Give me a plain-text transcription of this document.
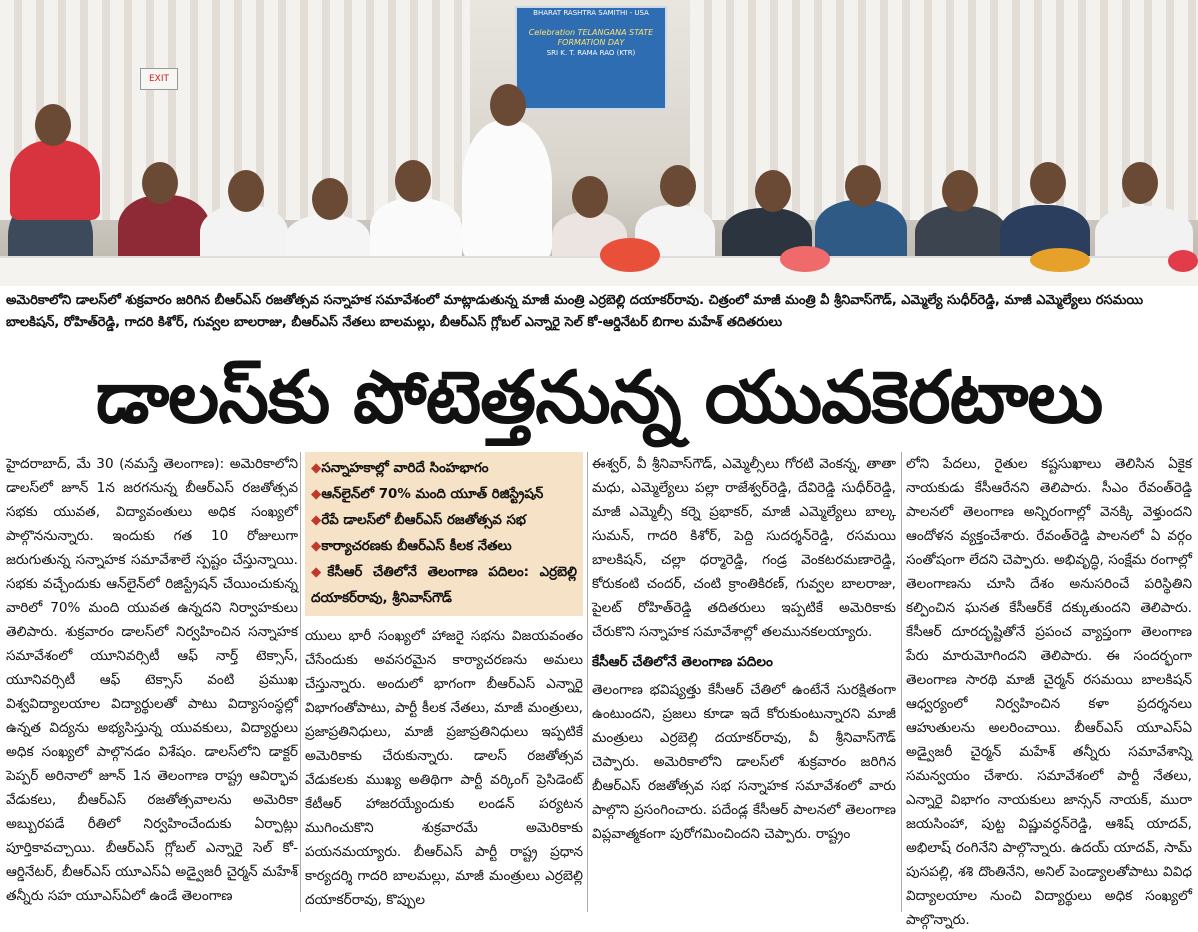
EXIT
BHARAT RASHTRA SAMITHI - USA
Celebration TELANGANA STATE FORMATION DAY
SRI K. T. RAMA RAO (KTR)
అమెరికాలోని డాలస్‌లో శుక్రవారం జరిగిన బీఆర్‌ఎస్ రజతోత్సవ సన్నాహక సమావేశంలో మాట్లాడుతున్న మాజీ మంత్రి ఎర్రబెల్లి దయాకర్‌రావు. చిత్రంలో మాజీ మంత్రి వీ శ్రీనివాస్‌గౌడ్, ఎమ్మెల్యే సుధీర్‌రెడ్డి, మాజీ ఎమ్మెల్యేలు రసమయి బాలకిషన్, రోహిత్‌రెడ్డి, గాదరి కిశోర్, గువ్వల బాలరాజు, బీఆర్‌ఎస్ నేతలు బాలమల్లు, బీఆర్‌ఎస్ గ్లోబల్ ఎన్నారై సెల్ కో-ఆర్డినేటర్ బిగాల మహేశ్ తదితరులు
డాలస్‌కు పోటెత్తనున్న యువకెరటాలు

హైదరాబాద్, మే 30 (నమస్తే తెలంగాణ): అమెరికాలోని డాలస్‌లో జూన్ 1న జరగనున్న బీఆర్‌ఎస్ రజతోత్సవ సభకు యువత, విద్యావంతులు అధిక సంఖ్యలో పాల్గొననున్నారు. ఇందుకు గత 10 రోజులుగా జరుగుతున్న సన్నాహక సమావేశాలే స్పష్టం చేస్తున్నాయి. సభకు వచ్చేందుకు ఆన్‌లైన్‌లో రిజిస్ట్రేషన్ చేయించుకున్న వారిలో 70% మంది యువత ఉన్నదని నిర్వాహకులు తెలిపారు. శుక్రవారం డాలస్‌లో నిర్వహించిన సన్నాహక సమావేశంలో యూనివర్సిటీ ఆఫ్ నార్త్ టెక్సాస్, యూనివర్సిటీ ఆఫ్ టెక్సాస్ వంటి ప్రముఖ విశ్వవిద్యాలయాల విద్యార్థులతో పాటు విద్యాసంస్థల్లో ఉన్నత విద్యను అభ్యసిస్తున్న యువకులు, విద్యార్థులు అధిక సంఖ్యలో పాల్గొనడం విశేషం. డాలస్‌లోని డాక్టర్ పెప్పర్ అరినాలో జూన్ 1న తెలంగాణ రాష్ట్ర ఆవిర్భావ వేడుకలు, బీఆర్‌ఎస్ రజతోత్సవాలను అమెరికా అబ్బురపడే రీతిలో నిర్వహించేందుకు ఏర్పాట్లు పూర్తికావచ్చాయి. బీఆర్‌ఎస్ గ్లోబల్ ఎన్నారై సెల్ కో-ఆర్డినేటర్, బీఆర్‌ఎస్ యూఎస్‌ఏ అడ్వైజరీ చైర్మన్ మహేశ్ తన్నీరు సహ యూఎస్‌ఏలో ఉండే తెలంగాణ

◆ సన్నాహకాల్లో వారిదే సింహభాగం
◆ ఆన్‌లైన్‌లో 70% మంది యూత్ రిజిస్ట్రేషన్
◆ రేపే డాలస్‌లో బీఆర్‌ఎస్ రజతోత్సవ సభ
◆ కార్యాచరణకు బీఆర్‌ఎస్ కీలక నేతలు
◆ కేసీఆర్ చేతిలోనే తెలంగాణ పదిలం: ఎర్రబెల్లి దయాకర్‌రావు, శ్రీనివాస్‌గౌడ్

యులు భారీ సంఖ్యలో హాజరై సభను విజయవంతం చేసేందుకు అవసరమైన కార్యాచరణను అమలు చేస్తున్నారు. అందులో భాగంగా బీఆర్‌ఎస్ ఎన్నారై విభాగంతోపాటు, పార్టీ కీలక నేతలు, మాజీ మంత్రులు, ప్రజాప్రతినిధులు, మాజీ ప్రజాప్రతినిధులు ఇప్పటికే అమెరికాకు చేరుకున్నారు. డాలస్ రజతోత్సవ వేడుకలకు ముఖ్య అతిథిగా పార్టీ వర్కింగ్ ప్రెసిడెంట్ కేటీఆర్ హాజరయ్యేందుకు లండన్ పర్యటన ముగించుకొని శుక్రవారమే అమెరికాకు పయనమయ్యారు. బీఆర్‌ఎస్ పార్టీ రాష్ట్ర ప్రధాన కార్యదర్శి గాదరి బాలమల్లు, మాజీ మంత్రులు ఎర్రబెల్లి దయాకర్‌రావు, కొప్పుల

ఈశ్వర్, వీ శ్రీనివాస్‌గౌడ్, ఎమ్మెల్సీలు గోరటి వెంకన్న, తాతా మధు, ఎమ్మెల్యేలు పల్లా రాజేశ్వర్‌రెడ్డి, దేవిరెడ్డి సుధీర్‌రెడ్డి, మాజీ ఎమ్మెల్సీ కర్నె ప్రభాకర్, మాజీ ఎమ్మెల్యేలు బాల్క సుమన్, గాదరి కిశోర్, పెద్ది సుదర్శన్‌రెడ్డి, రసమయి బాలకిషన్, చల్లా ధర్మారెడ్డి, గండ్ర వెంకటరమణారెడ్డి, కోరుకంటి చందర్, చంటి క్రాంతికిరణ్, గువ్వల బాలరాజు, పైలట్ రోహిత్‌రెడ్డి తదితరులు ఇప్పటికే అమెరికాకు చేరుకొని సన్నాహక సమావేశాల్లో తలమునకలయ్యారు.

కేసీఆర్ చేతిలోనే తెలంగాణ పదిలం

తెలంగాణ భవిష్యత్తు కేసీఆర్ చేతిలో ఉంటేనే సురక్షితంగా ఉంటుందని, ప్రజలు కూడా ఇదే కోరుకుంటున్నారని మాజీ మంత్రులు ఎర్రబెల్లి దయాకర్‌రావు, వీ శ్రీనివాస్‌గౌడ్ చెప్పారు. అమెరికాలోని డాలస్‌లో శుక్రవారం జరిగిన బీఆర్‌ఎస్ రజతోత్సవ సభ సన్నాహక సమావేశంలో వారు పాల్గొని ప్రసంగించారు. పదేండ్ల కేసీఆర్ పాలనలో తెలంగాణ విప్లవాత్మకంగా పురోగమించిందని చెప్పారు. రాష్ట్రం

లోని పేదలు, రైతుల కష్టసుఖాలు తెలిసిన ఏకైక నాయకుడు కేసీఆరేనని తెలిపారు. సీఎం రేవంత్‌రెడ్డి పాలనలో తెలంగాణ అన్నిరంగాల్లో వెనక్కి వెళ్తుందని ఆందోళన వ్యక్తంచేశారు. రేవంత్‌రెడ్డి పాలనలో ఏ వర్గం సంతోషంగా లేదని చెప్పారు. అభివృద్ధి, సంక్షేమ రంగాల్లో తెలంగాణను చూసి దేశం అనుసరించే పరిస్థితిని కల్పించిన ఘనత కేసీఆర్‌కే దక్కుతుందని తెలిపారు. కేసీఆర్ దూరదృష్టితోనే ప్రపంచ వ్యాప్తంగా తెలంగాణ పేరు మారుమోగిందని తెలిపారు. ఈ సందర్భంగా తెలంగాణ సారథి మాజీ చైర్మన్ రసమయి బాలకిషన్ ఆధ్వర్యంలో నిర్వహించిన కళా ప్రదర్శనలు ఆహుతులను అలరించాయి. బీఆర్‌ఎస్ యూఎస్‌ఏ అడ్వైజరీ చైర్మన్ మహేశ్ తన్నీరు సమావేశాన్ని సమన్వయం చేశారు. సమావేశంలో పార్టీ నేతలు, ఎన్నారై విభాగం నాయకులు జాన్సన్ నాయక్, మురా జయసింహా, పుట్ట విష్ణువర్ధన్‌రెడ్డి, ఆశిష్ యాదవ్, అభిలాష్ రంగినేని పాల్గొన్నారు. ఉదయ్ యాదవ్, సామ్ పుసపల్లి, శశి దొంతినేని, అనిల్ పెండ్యాలతోపాటు వివిధ విద్యాలయాల నుంచి విద్యార్థులు అధిక సంఖ్యలో పాల్గొన్నారు.
